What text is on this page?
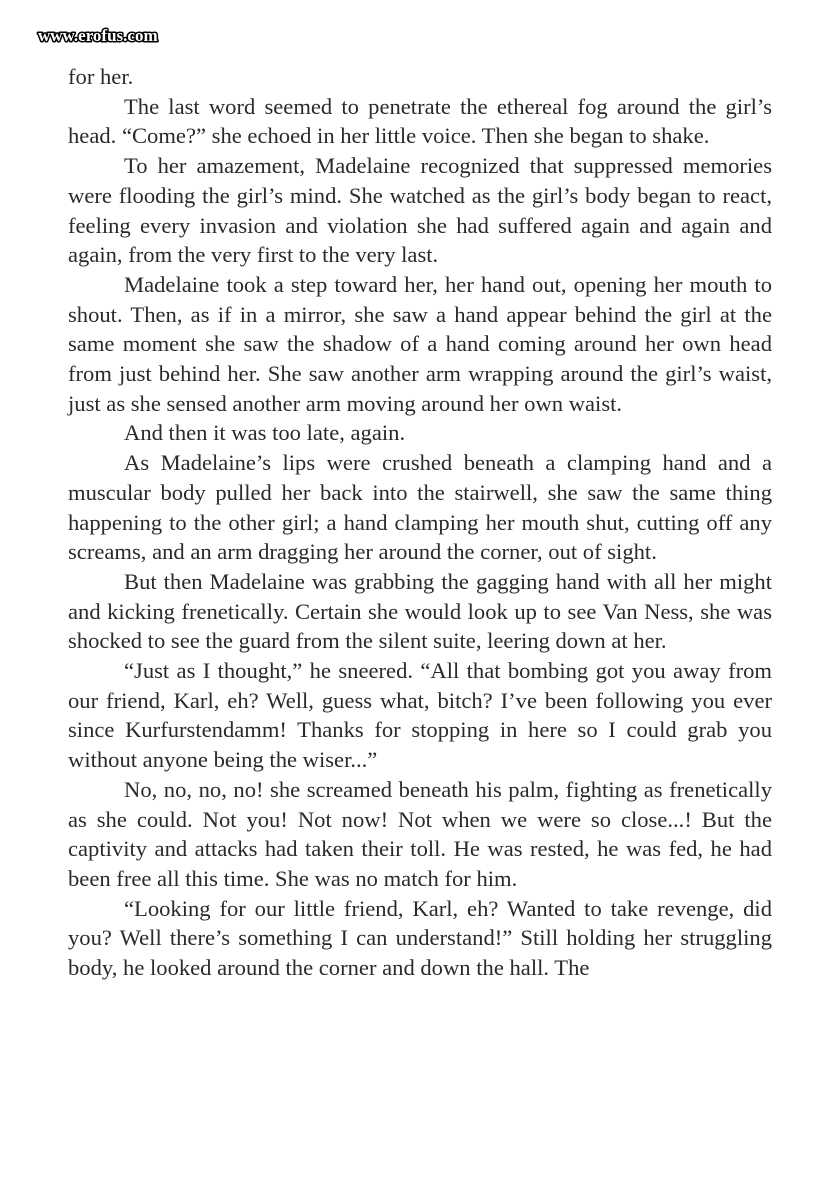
www.erofus.com

for her.

The last word seemed to penetrate the ethereal fog around the girl’s head. “Come?” she echoed in her little voice. Then she began to shake.

To her amazement, Madelaine recognized that suppressed memories were flooding the girl’s mind. She watched as the girl’s body began to react, feeling every invasion and violation she had suffered again and again and again, from the very first to the very last.

Madelaine took a step toward her, her hand out, opening her mouth to shout. Then, as if in a mirror, she saw a hand appear behind the girl at the same moment she saw the shadow of a hand coming around her own head from just behind her. She saw another arm wrapping around the girl’s waist, just as she sensed another arm moving around her own waist.

And then it was too late, again.

As Madelaine’s lips were crushed beneath a clamping hand and a muscular body pulled her back into the stairwell, she saw the same thing happening to the other girl; a hand clamping her mouth shut, cutting off any screams, and an arm dragging her around the corner, out of sight.

But then Madelaine was grabbing the gagging hand with all her might and kicking frenetically. Certain she would look up to see Van Ness, she was shocked to see the guard from the silent suite, leering down at her.

“Just as I thought,” he sneered. “All that bombing got you away from our friend, Karl, eh? Well, guess what, bitch? I’ve been following you ever since Kurfurstendamm! Thanks for stopping in here so I could grab you without anyone being the wiser...”

No, no, no, no! she screamed beneath his palm, fighting as frenetically as she could. Not you! Not now! Not when we were so close...! But the captivity and attacks had taken their toll. He was rested, he was fed, he had been free all this time. She was no match for him.

“Looking for our little friend, Karl, eh? Wanted to take revenge, did you? Well there’s something I can understand!” Still holding her struggling body, he looked around the corner and down the hall. The
